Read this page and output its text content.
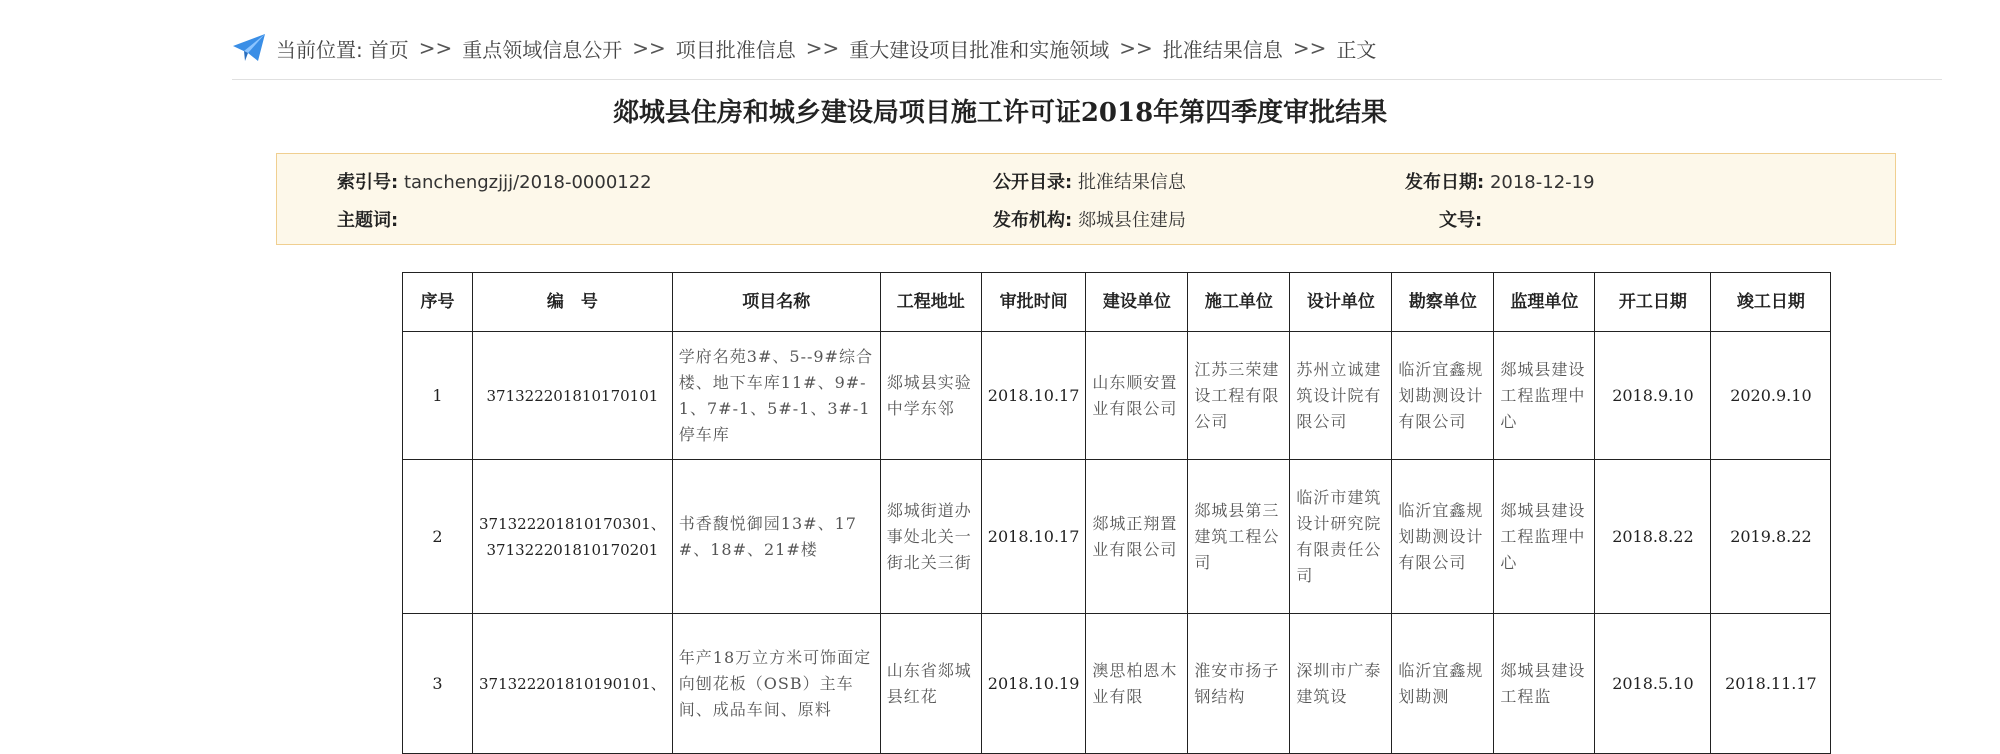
当前位置: 首页 >> 重点领域信息公开 >> 项目批准信息 >> 重大建设项目批准和实施领域 >> 批准结果信息 >> 正文
郯城县住房和城乡建设局项目施工许可证2018年第四季度审批结果
索引号: tanchengzjjj/2018-0000122	公开目录: 批准结果信息	发布日期: 2018-12-19
主题词:	发布机构: 郯城县住建局	文号:
序号	编　号	项目名称	工程地址	审批时间	建设单位	施工单位	设计单位	勘察单位	监理单位	开工日期	竣工日期
1	371322201810170101	学府名苑3#、5--9#综合楼、地下车库11#、9#-1、7#-1、5#-1、3#-1停车库	郯城县实验中学东邻	2018.10.17	山东顺安置业有限公司	江苏三荣建设工程有限公司	苏州立诚建筑设计院有限公司	临沂宜鑫规划勘测设计有限公司	郯城县建设工程监理中心	2018.9.10	2020.9.10
2	371322201810170301、371322201810170201	书香馥悦御园13#、17#、18#、21#楼	郯城街道办事处北关一街北关三街	2018.10.17	郯城正翔置业有限公司	郯城县第三建筑工程公司	临沂市建筑设计研究院有限责任公司	临沂宜鑫规划勘测设计有限公司	郯城县建设工程监理中心	2018.8.22	2019.8.22
3	371322201810190101、	年产18万立方米可饰面定向刨花板（OSB）主车间、成品车间、原料	山东省郯城县红花	2018.10.19	澳思柏恩木业有限	淮安市扬子钢结构	深圳市广泰建筑设	临沂宜鑫规划勘测	郯城县建设工程监	2018.5.10	2018.11.17
